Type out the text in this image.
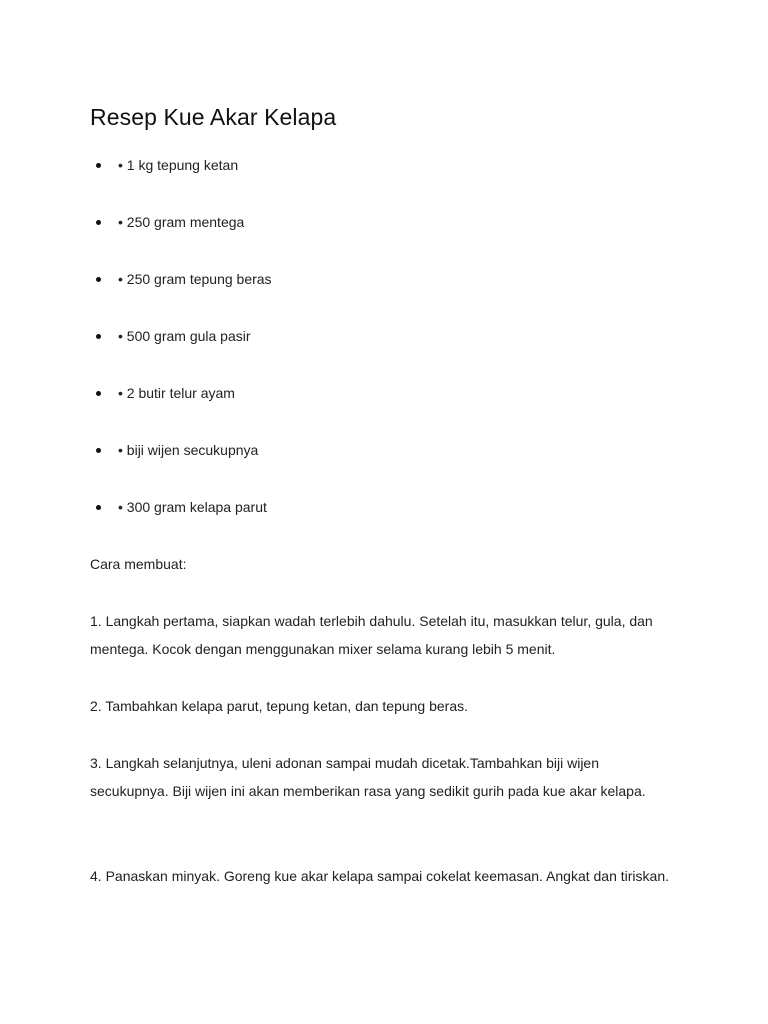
Resep Kue Akar Kelapa
• 1 kg tepung ketan
• 250 gram mentega
• 250 gram tepung beras
• 500 gram gula pasir
• 2 butir telur ayam
• biji wijen secukupnya
• 300 gram kelapa parut

Cara membuat:

1. Langkah pertama, siapkan wadah terlebih dahulu. Setelah itu, masukkan telur, gula, dan mentega. Kocok dengan menggunakan mixer selama kurang lebih 5 menit.

2. Tambahkan kelapa parut, tepung ketan, dan tepung beras.

3. Langkah selanjutnya, uleni adonan sampai mudah dicetak.Tambahkan biji wijen secukupnya. Biji wijen ini akan memberikan rasa yang sedikit gurih pada kue akar kelapa.

4. Panaskan minyak. Goreng kue akar kelapa sampai cokelat keemasan. Angkat dan tiriskan.
